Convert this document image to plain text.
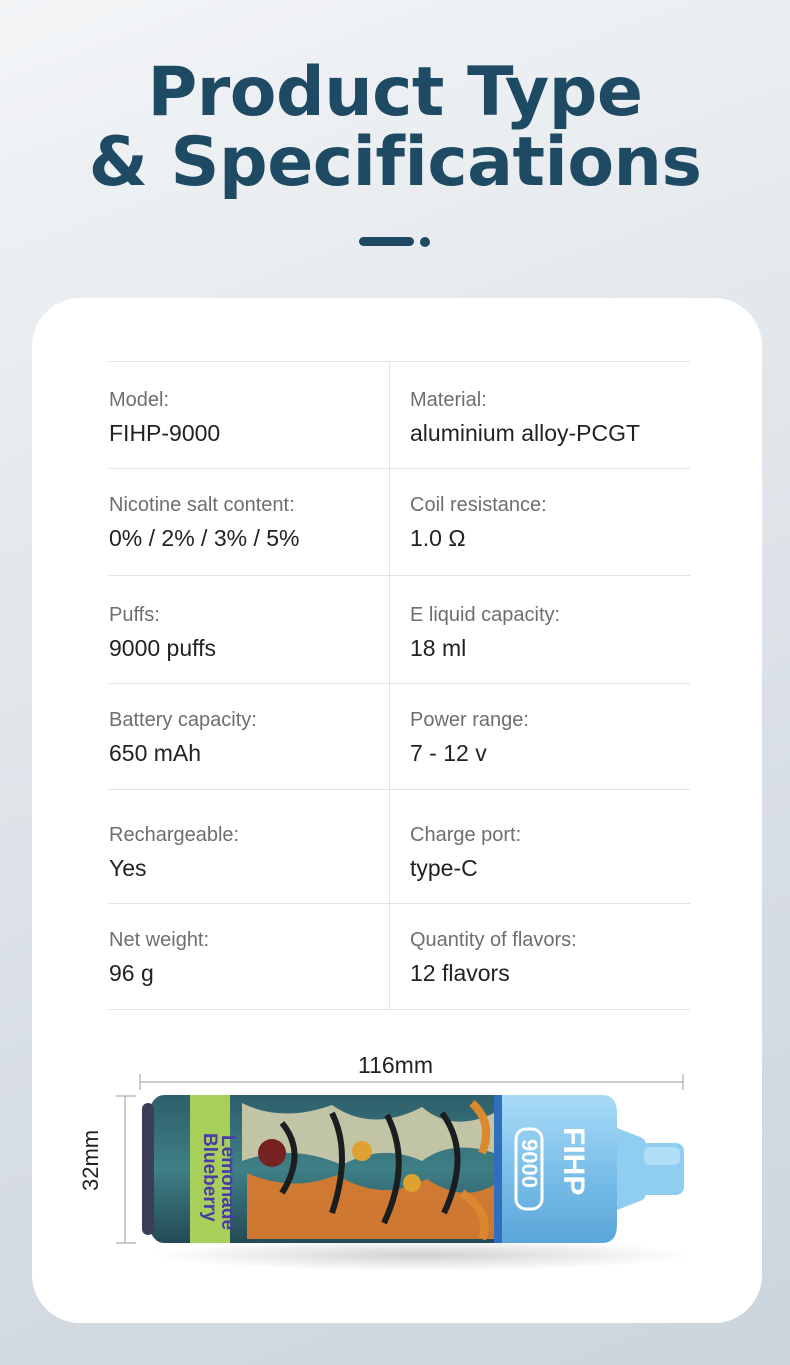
Product Type
& Specifications
Model:
FIHP-9000
Material:
aluminium alloy-PCGT
Nicotine salt content:
0% / 2% / 3% / 5%
Coil resistance:
1.0 Ω
Puffs:
9000 puffs
E liquid capacity:
18 ml
Battery capacity:
650 mAh
Power range:
7 - 12 v
Rechargeable:
Yes
Charge port:
type-C
Net weight:
96 g
Quantity of flavors:
12 flavors
116mm
Blueberry
Lemonade	FIHP
9000
32mm
